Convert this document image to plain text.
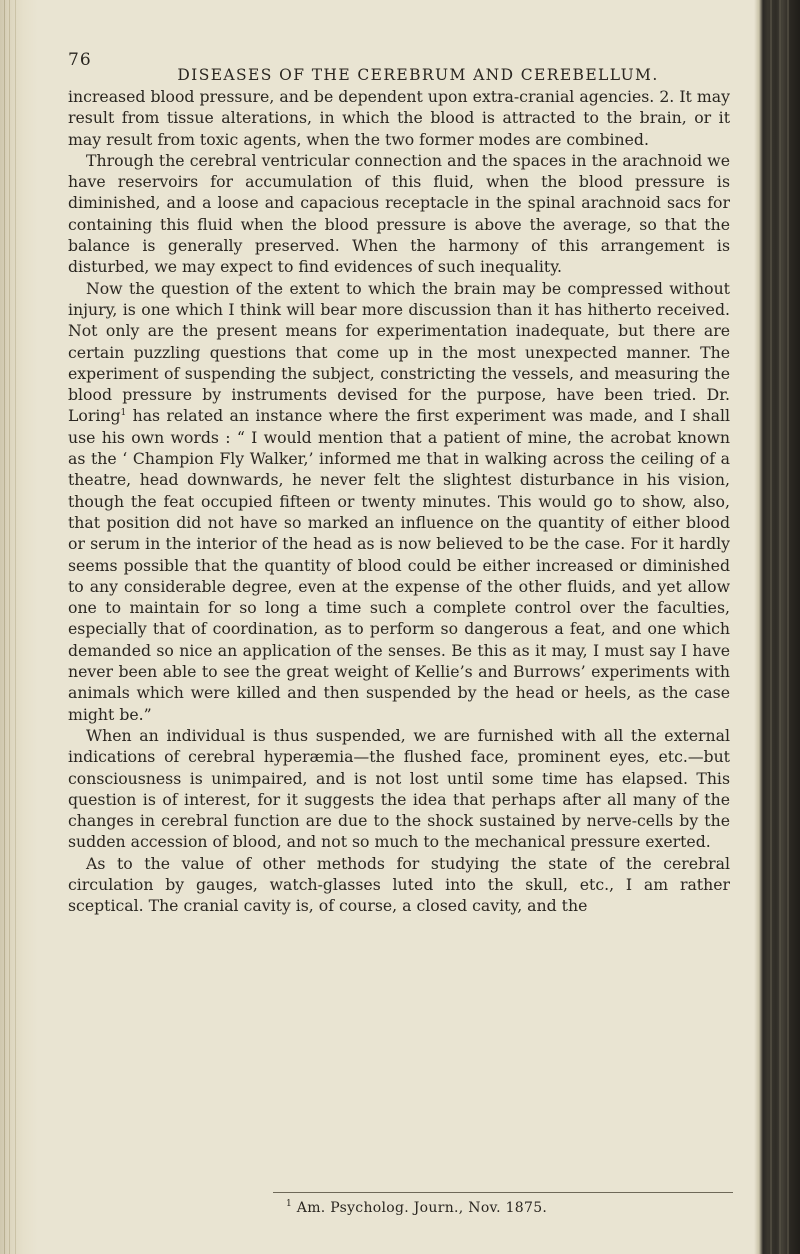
76
DISEASES OF THE CEREBRUM AND CEREBELLUM.

increased blood pressure, and be dependent upon extra-cranial agencies. 2. It may result from tissue alterations, in which the blood is attracted to the brain, or it may result from toxic agents, when the two former modes are combined.

Through the cerebral ventricular connection and the spaces in the arachnoid we have reservoirs for accumulation of this fluid, when the blood pressure is diminished, and a loose and capacious receptacle in the spinal arachnoid sacs for containing this fluid when the blood pressure is above the average, so that the balance is generally preserved. When the harmony of this arrangement is disturbed, we may expect to find evidences of such inequality.

Now the question of the extent to which the brain may be compressed without injury, is one which I think will bear more discussion than it has hitherto received. Not only are the present means for experimentation inadequate, but there are certain puzzling questions that come up in the most unexpected manner. The experiment of suspending the subject, constricting the vessels, and measuring the blood pressure by instruments devised for the purpose, have been tried. Dr. Loring$^1$ has related an instance where the first experiment was made, and I shall use his own words : “ I would mention that a patient of mine, the acrobat known as the ‘ Champion Fly Walker,’ informed me that in walking across the ceiling of a theatre, head downwards, he never felt the slightest disturbance in his vision, though the feat occupied fifteen or twenty minutes. This would go to show, also, that position did not have so marked an influence on the quantity of either blood or serum in the interior of the head as is now believed to be the case. For it hardly seems possible that the quantity of blood could be either increased or diminished to any considerable degree, even at the expense of the other fluids, and yet allow one to maintain for so long a time such a complete control over the faculties, especially that of coordination, as to perform so dangerous a feat, and one which demanded so nice an application of the senses. Be this as it may, I must say I have never been able to see the great weight of Kellie’s and Burrows’ experiments with animals which were killed and then suspended by the head or heels, as the case might be.”

When an individual is thus suspended, we are furnished with all the external indications of cerebral hyperæmia—the flushed face, prominent eyes, etc.—but consciousness is unimpaired, and is not lost until some time has elapsed. This question is of interest, for it suggests the idea that perhaps after all many of the changes in cerebral function are due to the shock sustained by nerve-cells by the sudden accession of blood, and not so much to the mechanical pressure exerted.

As to the value of other methods for studying the state of the cerebral circulation by gauges, watch-glasses luted into the skull, etc., I am rather sceptical. The cranial cavity is, of course, a closed cavity, and the

$^1$ Am. Psycholog. Journ., Nov. 1875.
